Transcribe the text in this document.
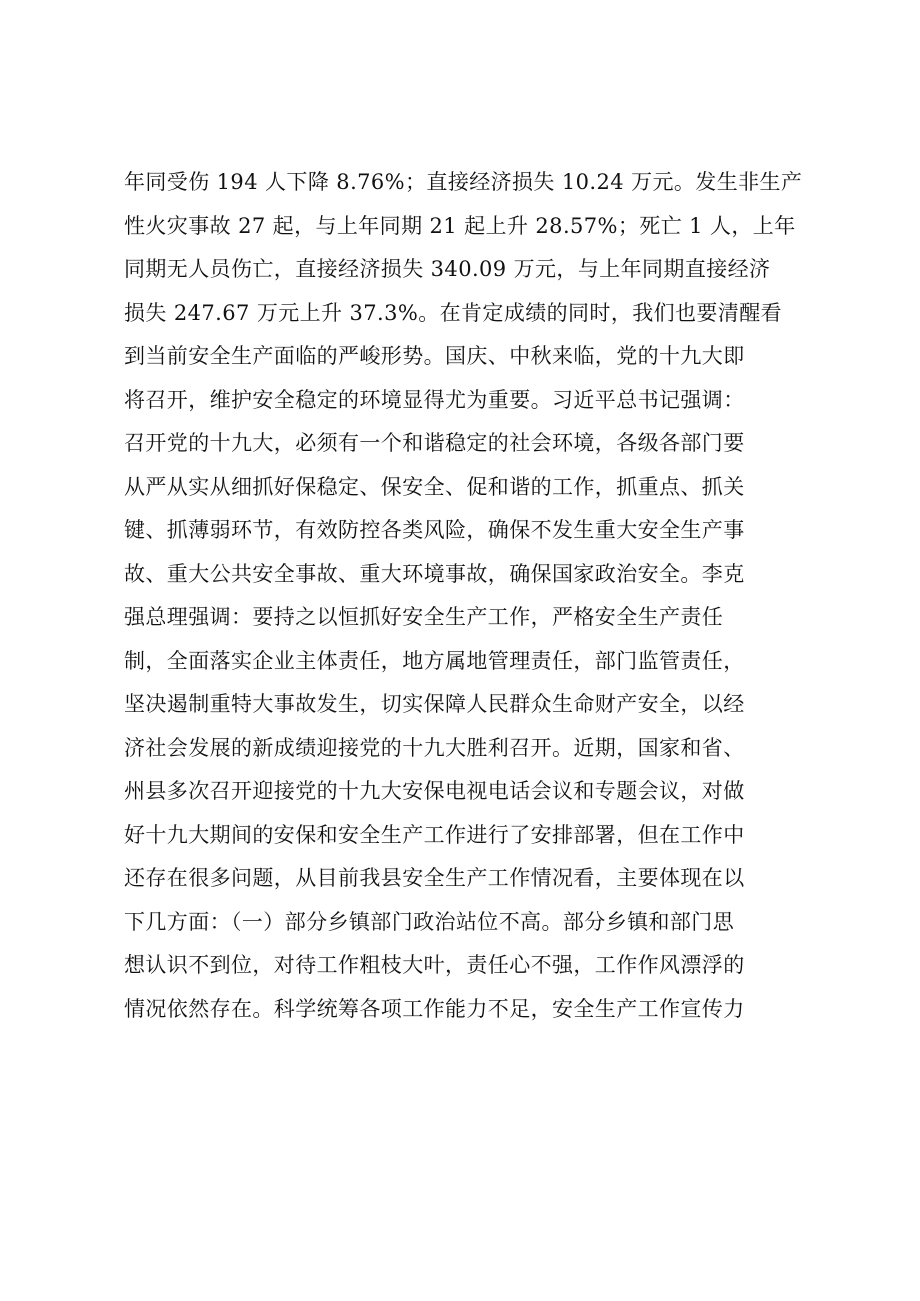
年同受伤 194 人下降 8.76%；直接经济损失 10.24 万元。发生非生产
性火灾事故 27 起，与上年同期 21 起上升 28.57%；死亡 1 人，上年
同期无人员伤亡，直接经济损失 340.09 万元，与上年同期直接经济
损失 247.67 万元上升 37.3%。在肯定成绩的同时，我们也要清醒看
到当前安全生产面临的严峻形势。国庆、中秋来临，党的十九大即
将召开，维护安全稳定的环境显得尤为重要。习近平总书记强调：
召开党的十九大，必须有一个和谐稳定的社会环境，各级各部门要
从严从实从细抓好保稳定、保安全、促和谐的工作，抓重点、抓关
键、抓薄弱环节，有效防控各类风险，确保不发生重大安全生产事
故、重大公共安全事故、重大环境事故，确保国家政治安全。李克
强总理强调：要持之以恒抓好安全生产工作，严格安全生产责任
制，全面落实企业主体责任，地方属地管理责任，部门监管责任，
坚决遏制重特大事故发生，切实保障人民群众生命财产安全，以经
济社会发展的新成绩迎接党的十九大胜利召开。近期，国家和省、
州县多次召开迎接党的十九大安保电视电话会议和专题会议，对做
好十九大期间的安保和安全生产工作进行了安排部署，但在工作中
还存在很多问题，从目前我县安全生产工作情况看，主要体现在以
下几方面：（一）部分乡镇部门政治站位不高。部分乡镇和部门思
想认识不到位，对待工作粗枝大叶，责任心不强，工作作风漂浮的
情况依然存在。科学统筹各项工作能力不足，安全生产工作宣传力
